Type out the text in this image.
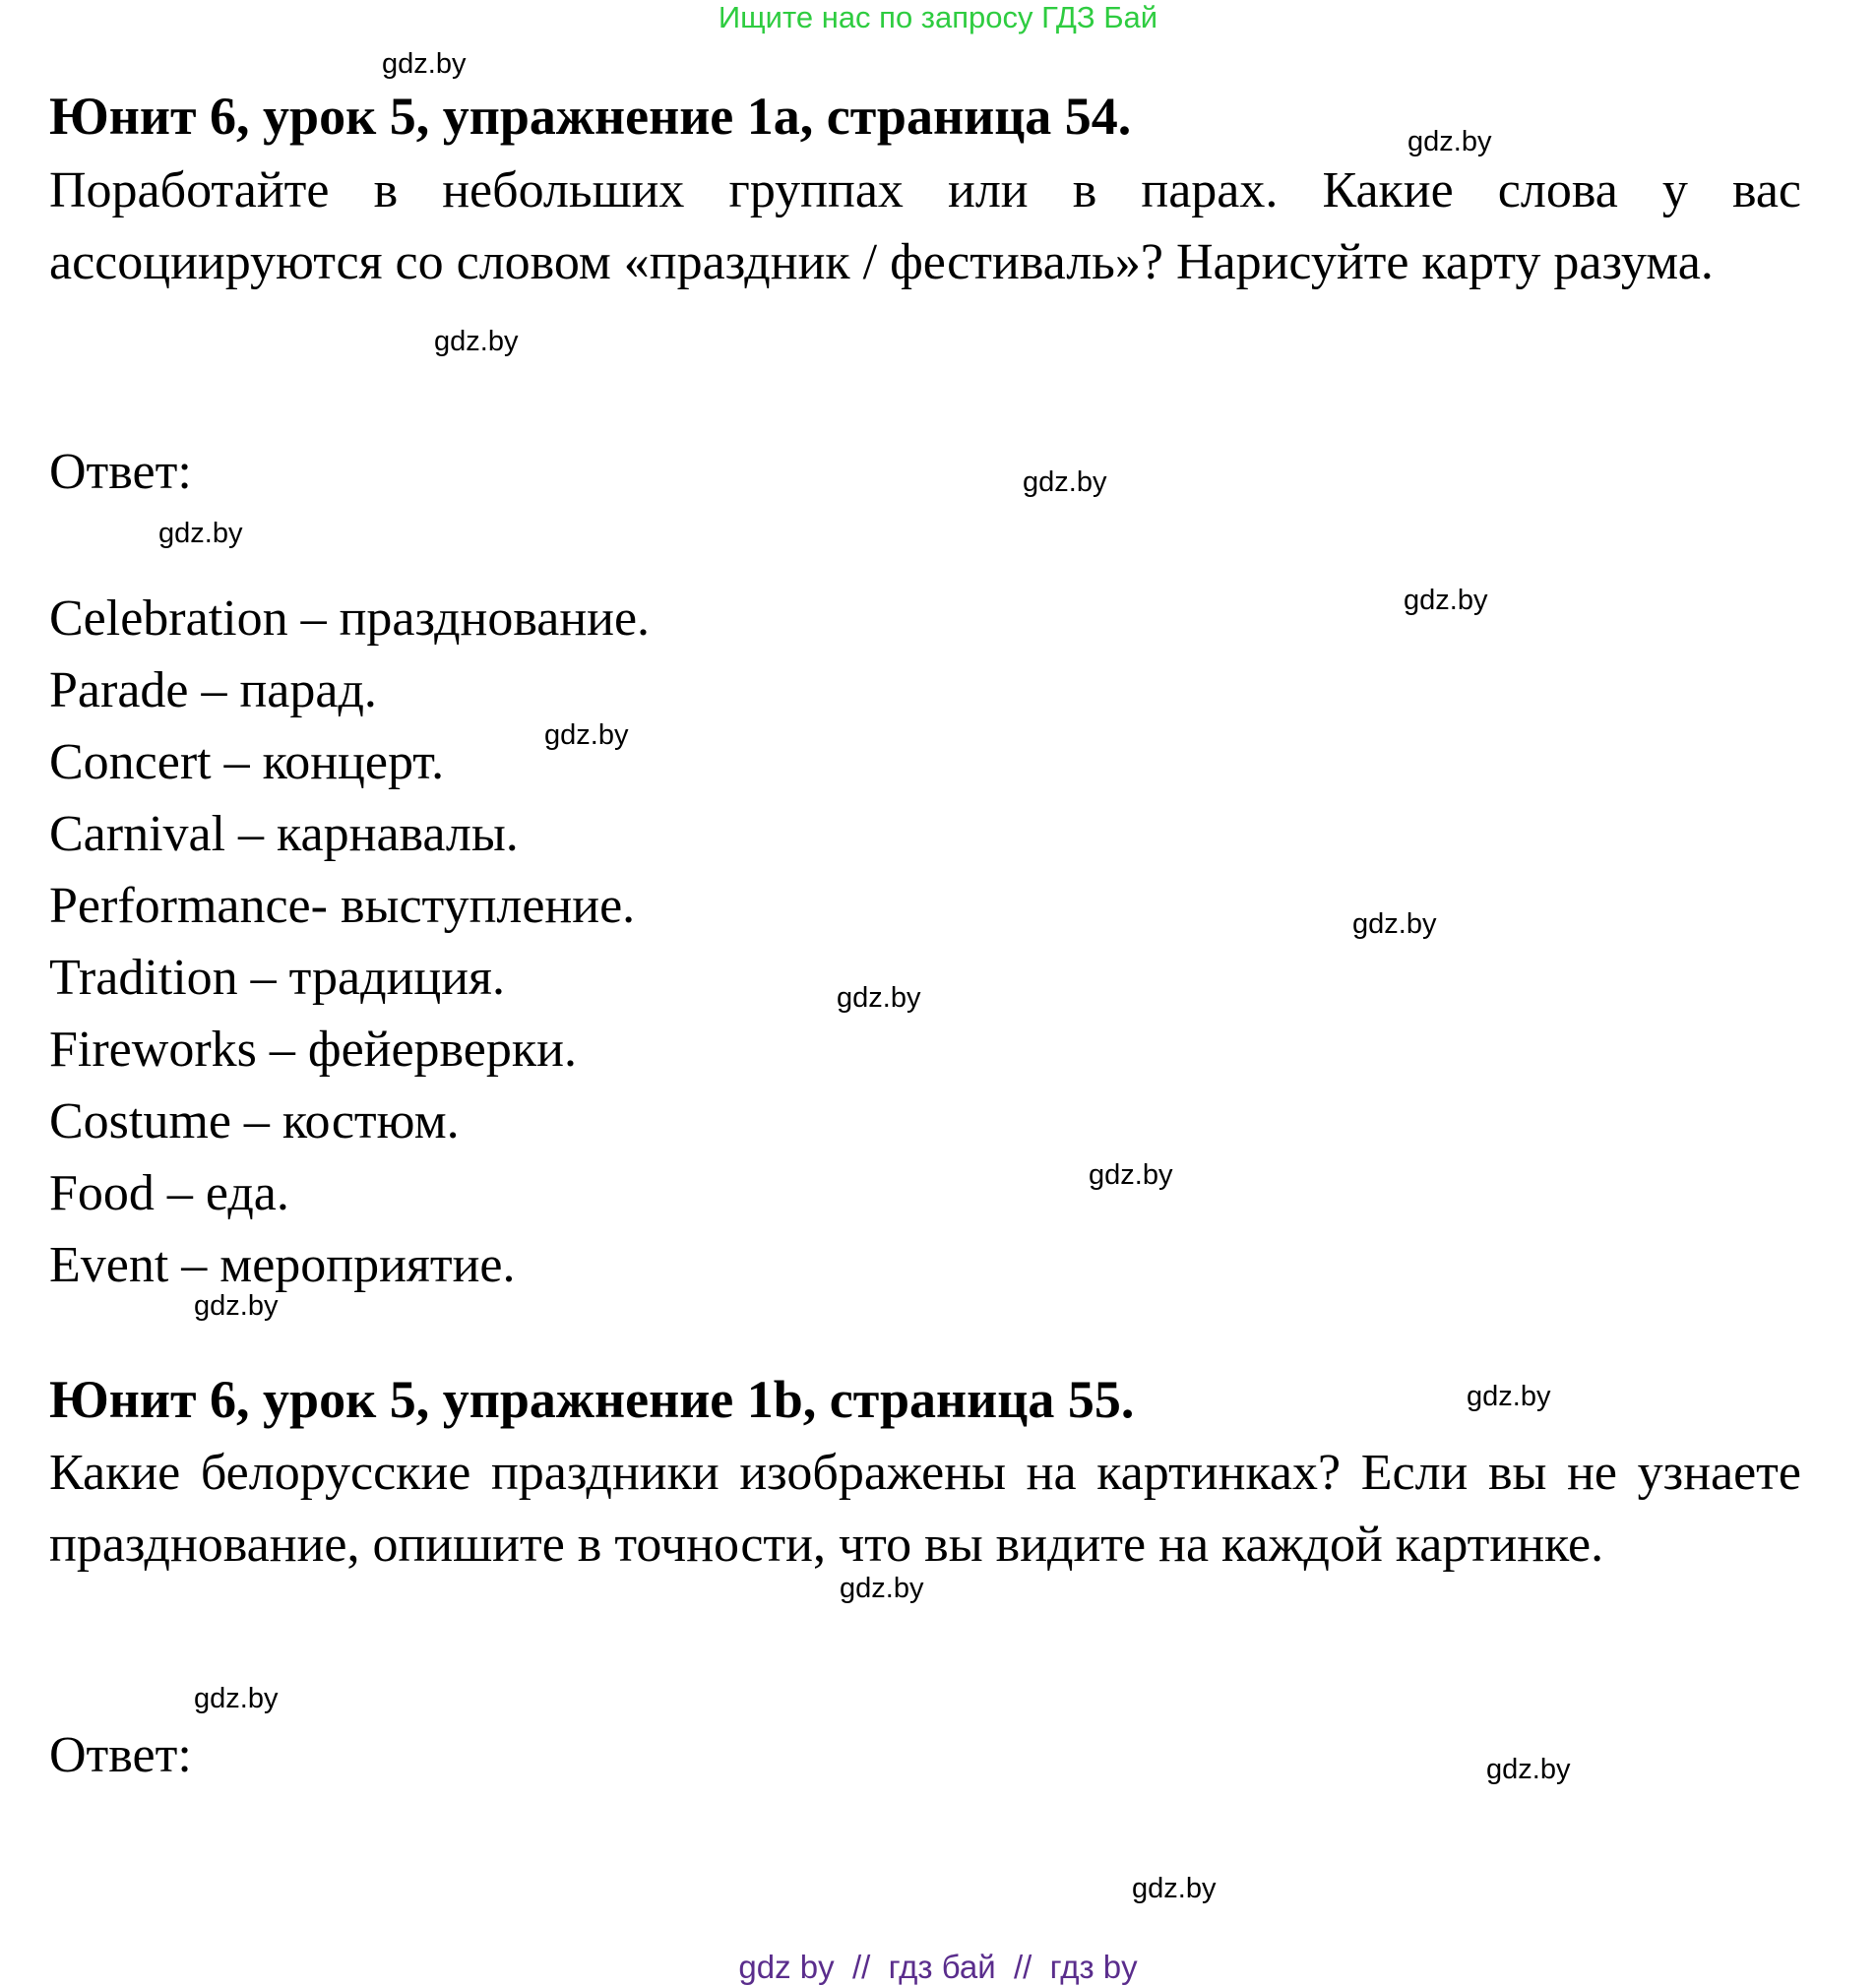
Ищите нас по запросу ГДЗ Бай
Юнит 6, урок 5, упражнение 1a, страница 54.
Поработайте в небольших группах или в парах. Какие слова у вас ассоциируются со словом «праздник / фестиваль»? Нарисуйте карту разума.
Ответ:
Celebration – празднование.
Parade – парад.
Concert – концерт.
Carnival – карнавалы.
Performance- выступление.
Tradition – традиция.
Fireworks – фейерверки.
Costume – костюм.
Food – еда.
Event – мероприятие.
Юнит 6, урок 5, упражнение 1b, страница 55.
Какие белорусские праздники изображены на картинках? Если вы не узнаете празднование, опишите в точности, что вы видите на каждой картинке.
Ответ:
gdz.by
gdz.by
gdz.by
gdz.by
gdz.by
gdz.by
gdz.by
gdz.by
gdz.by
gdz.by
gdz.by
gdz.by
gdz.by
gdz.by
gdz.by
gdz.by
gdz by  //  гдз бай  //  гдз by
